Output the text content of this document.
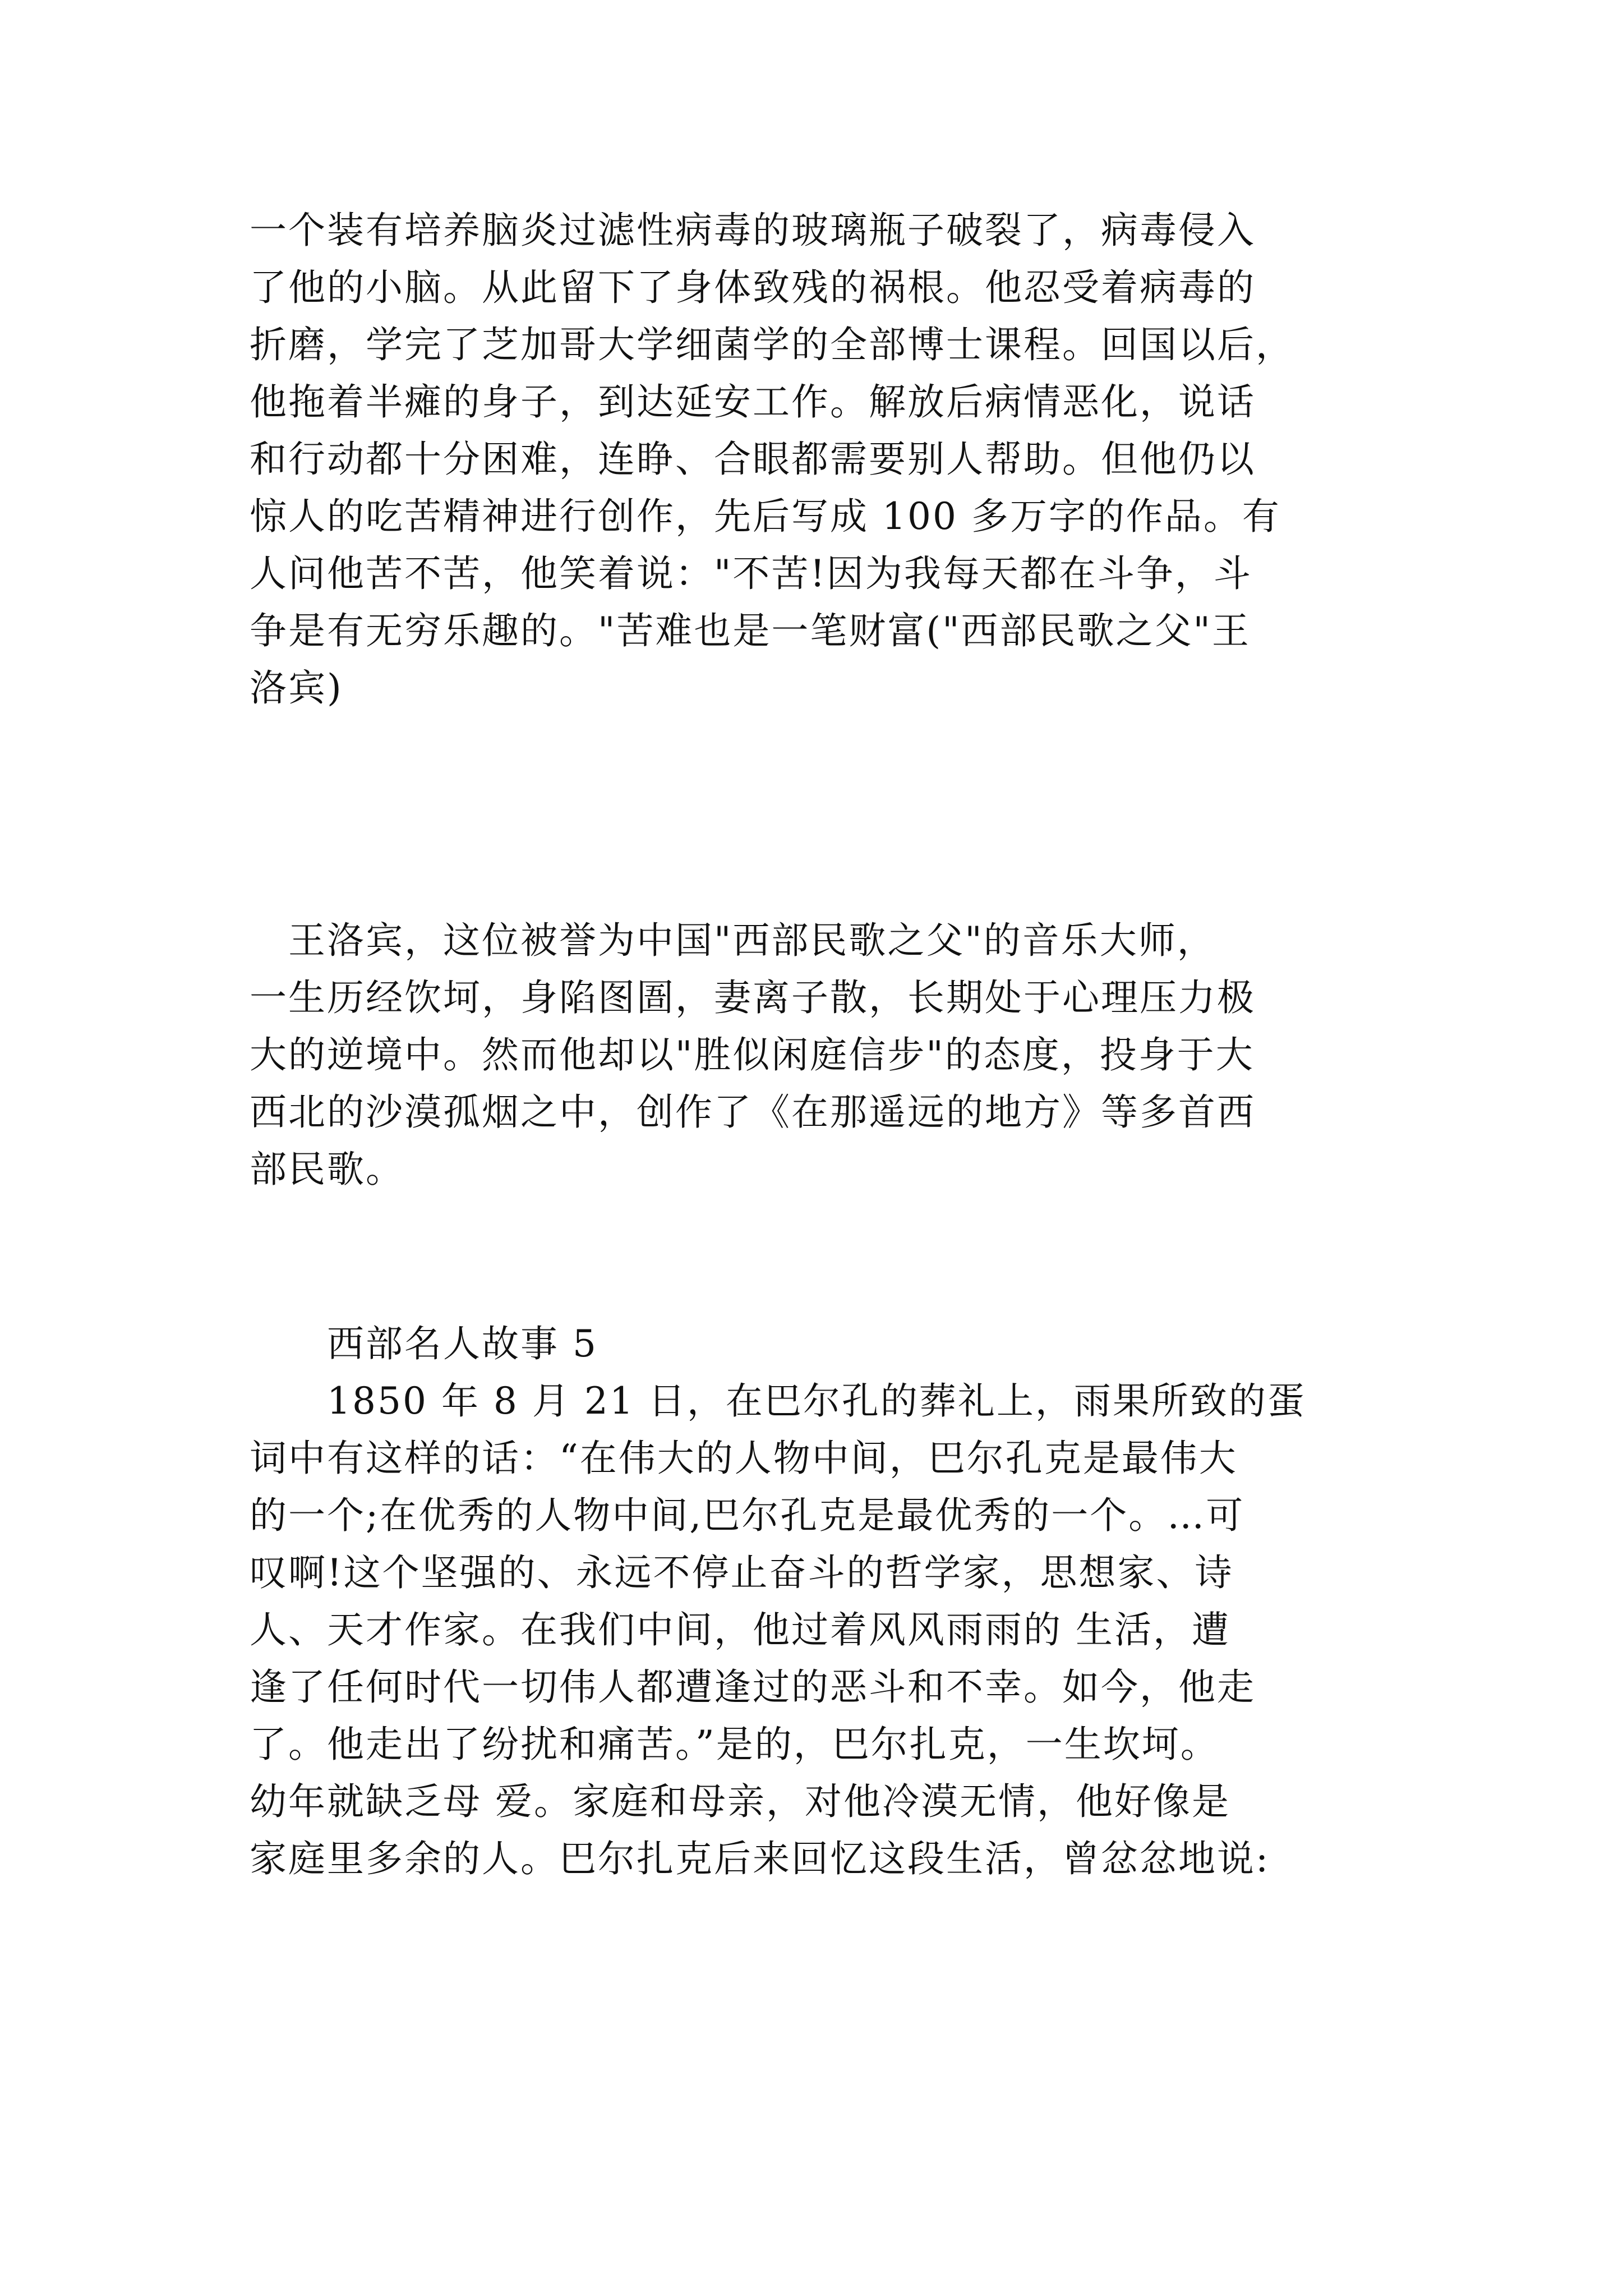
一个装有培养脑炎过滤性病毒的玻璃瓶子破裂了，病毒侵入
了他的小脑。从此留下了身体致残的祸根。他忍受着病毒的
折磨，学完了芝加哥大学细菌学的全部博士课程。回国以后，
他拖着半瘫的身子，到达延安工作。解放后病情恶化，说话
和行动都十分困难，连睁、合眼都需要别人帮助。但他仍以
惊人的吃苦精神进行创作，先后写成 100 多万字的作品。有
人问他苦不苦，他笑着说："不苦!因为我每天都在斗争，斗
争是有无穷乐趣的。"苦难也是一笔财富("西部民歌之父"王
洛宾)
　王洛宾，这位被誉为中国"西部民歌之父"的音乐大师，
一生历经饮坷，身陷图圄，妻离子散，长期处于心理压力极
大的逆境中。然而他却以"胜似闲庭信步"的态度，投身于大
西北的沙漠孤烟之中，创作了《在那遥远的地方》等多首西
部民歌。
　　西部名人故事 5
　　1850 年 8 月 21 日，在巴尔孔的葬礼上，雨果所致的蛋
词中有这样的话：“在伟大的人物中间，巴尔孔克是最伟大
的一个;在优秀的人物中间,巴尔孔克是最优秀的一个。…可
叹啊!这个坚强的、永远不停止奋斗的哲学家，思想家、诗
人、天才作家。在我们中间，他过着风风雨雨的 生活，遭
逢了任何时代一切伟人都遭逢过的恶斗和不幸。如今，他走
了。他走出了纷扰和痛苦。”是的，巴尔扎克，一生坎坷。
幼年就缺乏母 爱。家庭和母亲，对他冷漠无情，他好像是
家庭里多余的人。巴尔扎克后来回忆这段生活，曾忿忿地说:
